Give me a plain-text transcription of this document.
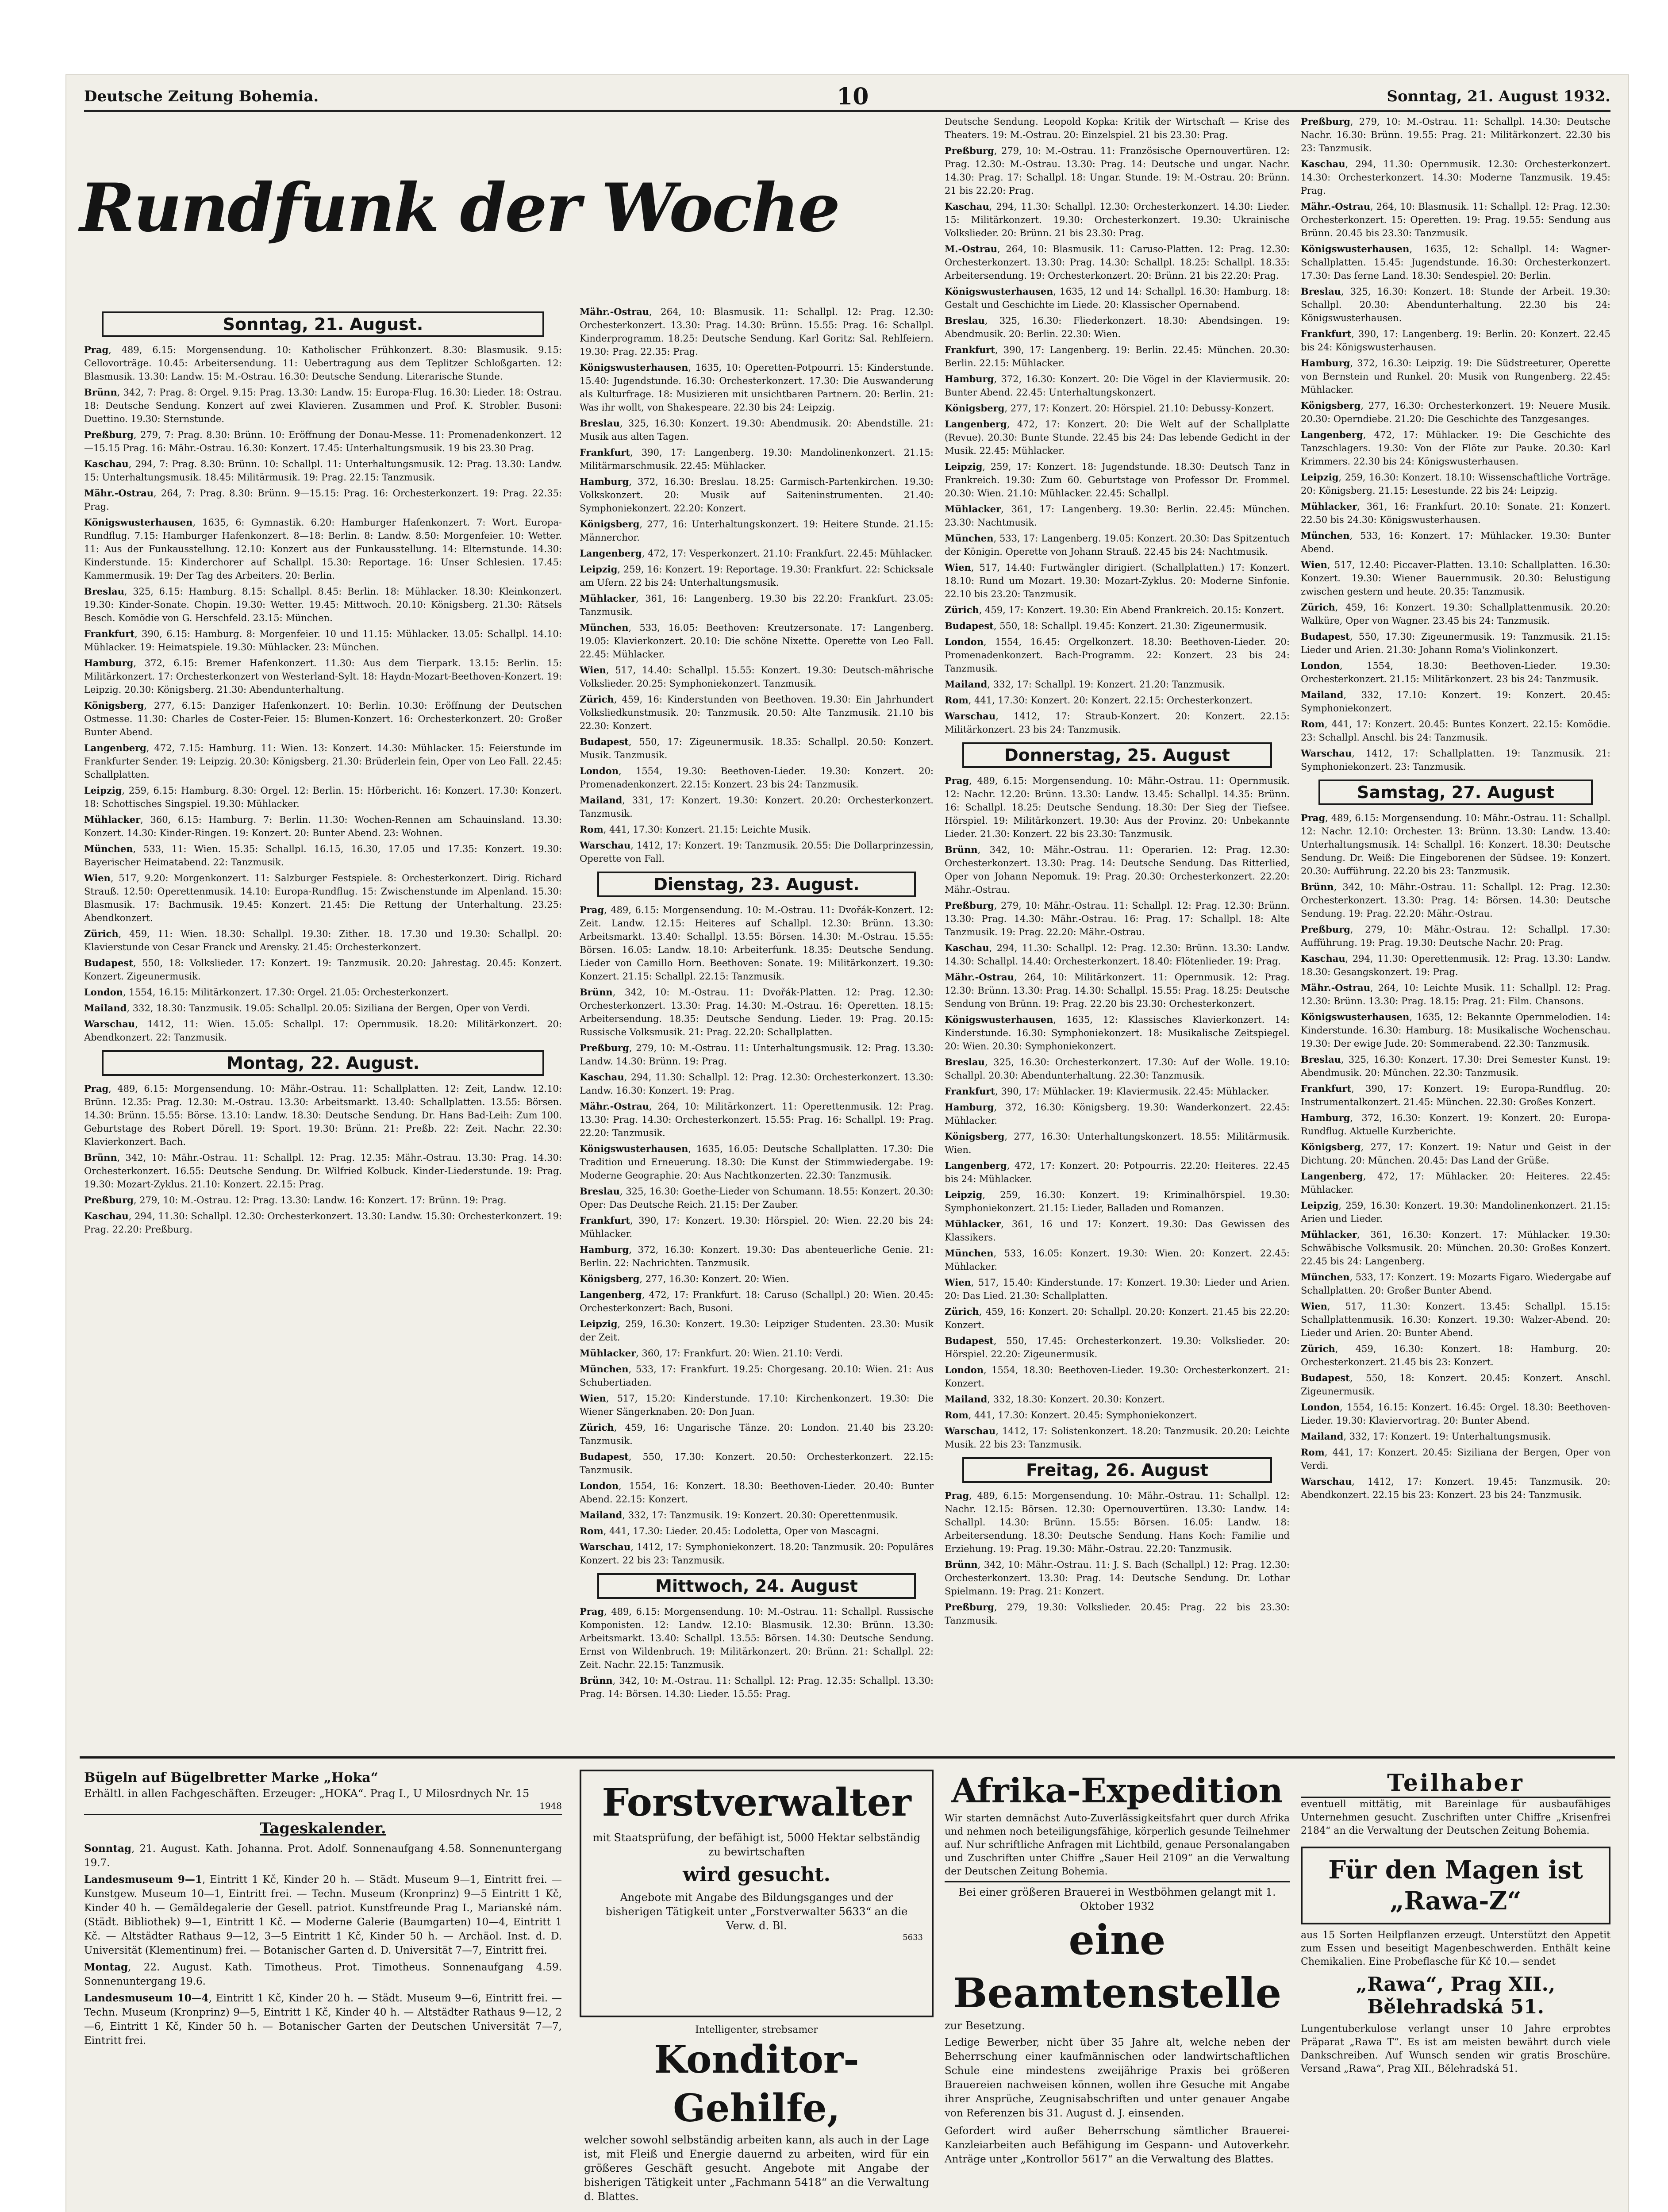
Deutsche Zeitung Bohemia.	10	Sonntag, 21. August 1932.
Rundfunk der Woche
Sonntag, 21. August.

Prag, 489, 6.15: Morgensendung. 10: Katholischer Frühkonzert. 8.30: Blasmusik. 9.15: Cellovorträge. 10.45: Arbeitersendung. 11: Uebertragung aus dem Teplitzer Schloßgarten. 12: Blasmusik. 13.30: Landw. 15: M.-Ostrau. 16.30: Deutsche Sendung. Literarische Stunde.

Brünn, 342, 7: Prag. 8: Orgel. 9.15: Prag. 13.30: Landw. 15: Europa-Flug. 16.30: Lieder. 18: Ostrau. 18: Deutsche Sendung. Konzert auf zwei Klavieren. Zusammen und Prof. K. Strobler. Busoni: Duettino. 19.30: Sternstunde.

Preßburg, 279, 7: Prag. 8.30: Brünn. 10: Eröffnung der Donau-Messe. 11: Promenadenkonzert. 12—15.15 Prag. 16: Mähr.-Ostrau. 16.30: Konzert. 17.45: Unterhaltungsmusik. 19 bis 23.30 Prag.

Kaschau, 294, 7: Prag. 8.30: Brünn. 10: Schallpl. 11: Unterhaltungsmusik. 12: Prag. 13.30: Landw. 15: Unterhaltungsmusik. 18.45: Militärmusik. 19: Prag. 22.15: Tanzmusik.

Mähr.-Ostrau, 264, 7: Prag. 8.30: Brünn. 9—15.15: Prag. 16: Orchesterkonzert. 19: Prag. 22.35: Prag.

Königswusterhausen, 1635, 6: Gymnastik. 6.20: Hamburger Hafenkonzert. 7: Wort. Europa-Rundflug. 7.15: Hamburger Hafenkonzert. 8—18: Berlin. 8: Landw. 8.50: Morgenfeier. 10: Wetter. 11: Aus der Funkausstellung. 12.10: Konzert aus der Funkausstellung. 14: Elternstunde. 14.30: Kinderstunde. 15: Kinderchorer auf Schallpl. 15.30: Reportage. 16: Unser Schlesien. 17.45: Kammermusik. 19: Der Tag des Arbeiters. 20: Berlin.

Breslau, 325, 6.15: Hamburg. 8.15: Schallpl. 8.45: Berlin. 18: Mühlacker. 18.30: Kleinkonzert. 19.30: Kinder-Sonate. Chopin. 19.30: Wetter. 19.45: Mittwoch. 20.10: Königsberg. 21.30: Rätsels Besch. Komödie von G. Herschfeld. 23.15: München.

Frankfurt, 390, 6.15: Hamburg. 8: Morgenfeier. 10 und 11.15: Mühlacker. 13.05: Schallpl. 14.10: Mühlacker. 19: Heimatspiele. 19.30: Mühlacker. 23: München.

Hamburg, 372, 6.15: Bremer Hafenkonzert. 11.30: Aus dem Tierpark. 13.15: Berlin. 15: Militärkonzert. 17: Orchesterkonzert von Westerland-Sylt. 18: Haydn-Mozart-Beethoven-Konzert. 19: Leipzig. 20.30: Königsberg. 21.30: Abendunterhaltung.

Königsberg, 277, 6.15: Danziger Hafenkonzert. 10: Berlin. 10.30: Eröffnung der Deutschen Ostmesse. 11.30: Charles de Coster-Feier. 15: Blumen-Konzert. 16: Orchesterkonzert. 20: Großer Bunter Abend.

Langenberg, 472, 7.15: Hamburg. 11: Wien. 13: Konzert. 14.30: Mühlacker. 15: Feierstunde im Frankfurter Sender. 19: Leipzig. 20.30: Königsberg. 21.30: Brüderlein fein, Oper von Leo Fall. 22.45: Schallplatten.

Leipzig, 259, 6.15: Hamburg. 8.30: Orgel. 12: Berlin. 15: Hörbericht. 16: Konzert. 17.30: Konzert. 18: Schottisches Singspiel. 19.30: Mühlacker.

Mühlacker, 360, 6.15: Hamburg. 7: Berlin. 11.30: Wochen-Rennen am Schauinsland. 13.30: Konzert. 14.30: Kinder-Ringen. 19: Konzert. 20: Bunter Abend. 23: Wohnen.

München, 533, 11: Wien. 15.35: Schallpl. 16.15, 16.30, 17.05 und 17.35: Konzert. 19.30: Bayerischer Heimatabend. 22: Tanzmusik.

Wien, 517, 9.20: Morgenkonzert. 11: Salzburger Festspiele. 8: Orchesterkonzert. Dirig. Richard Strauß. 12.50: Operettenmusik. 14.10: Europa-Rundflug. 15: Zwischenstunde im Alpenland. 15.30: Blasmusik. 17: Bachmusik. 19.45: Konzert. 21.45: Die Rettung der Unterhaltung. 23.25: Abendkonzert.

Zürich, 459, 11: Wien. 18.30: Schallpl. 19.30: Zither. 18. 17.30 und 19.30: Schallpl. 20: Klavierstunde von Cesar Franck und Arensky. 21.45: Orchesterkonzert.

Budapest, 550, 18: Volkslieder. 17: Konzert. 19: Tanzmusik. 20.20: Jahrestag. 20.45: Konzert. Konzert. Zigeunermusik.

London, 1554, 16.15: Militärkonzert. 17.30: Orgel. 21.05: Orchesterkonzert.

Mailand, 332, 18.30: Tanzmusik. 19.05: Schallpl. 20.05: Siziliana der Bergen, Oper von Verdi.

Warschau, 1412, 11: Wien. 15.05: Schallpl. 17: Opernmusik. 18.20: Militärkonzert. 20: Abendkonzert. 22: Tanzmusik.

Montag, 22. August.

Prag, 489, 6.15: Morgensendung. 10: Mähr.-Ostrau. 11: Schallplatten. 12: Zeit, Landw. 12.10: Brünn. 12.35: Prag. 12.30: M.-Ostrau. 13.30: Arbeitsmarkt. 13.40: Schallplatten. 13.55: Börsen. 14.30: Brünn. 15.55: Börse. 13.10: Landw. 18.30: Deutsche Sendung. Dr. Hans Bad-Leih: Zum 100. Geburtstage des Robert Dörell. 19: Sport. 19.30: Brünn. 21: Preßb. 22: Zeit. Nachr. 22.30: Klavierkonzert. Bach.

Brünn, 342, 10: Mähr.-Ostrau. 11: Schallpl. 12: Prag. 12.35: Mähr.-Ostrau. 13.30: Prag. 14.30: Orchesterkonzert. 16.55: Deutsche Sendung. Dr. Wilfried Kolbuck. Kinder-Liederstunde. 19: Prag. 19.30: Mozart-Zyklus. 21.10: Konzert. 22.15: Prag.

Preßburg, 279, 10: M.-Ostrau. 12: Prag. 13.30: Landw. 16: Konzert. 17: Brünn. 19: Prag.

Kaschau, 294, 11.30: Schallpl. 12.30: Orchesterkonzert. 13.30: Landw. 15.30: Orchesterkonzert. 19: Prag. 22.20: Preßburg.

Mähr.-Ostrau, 264, 10: Blasmusik. 11: Schallpl. 12: Prag. 12.30: Orchesterkonzert. 13.30: Prag. 14.30: Brünn. 15.55: Prag. 16: Schallpl. Kinderprogramm. 18.25: Deutsche Sendung. Karl Goritz: Sal. Rehlfeiern. 19.30: Prag. 22.35: Prag.

Königswusterhausen, 1635, 10: Operetten-Potpourri. 15: Kinderstunde. 15.40: Jugendstunde. 16.30: Orchesterkonzert. 17.30: Die Auswanderung als Kulturfrage. 18: Musizieren mit unsichtbaren Partnern. 20: Berlin. 21: Was ihr wollt, von Shakespeare. 22.30 bis 24: Leipzig.

Breslau, 325, 16.30: Konzert. 19.30: Abendmusik. 20: Abendstille. 21: Musik aus alten Tagen.

Frankfurt, 390, 17: Langenberg. 19.30: Mandolinenkonzert. 21.15: Militärmarschmusik. 22.45: Mühlacker.

Hamburg, 372, 16.30: Breslau. 18.25: Garmisch-Partenkirchen. 19.30: Volkskonzert. 20: Musik auf Saiteninstrumenten. 21.40: Symphoniekonzert. 22.20: Konzert.

Königsberg, 277, 16: Unterhaltungskonzert. 19: Heitere Stunde. 21.15: Männerchor.

Langenberg, 472, 17: Vesperkonzert. 21.10: Frankfurt. 22.45: Mühlacker.

Leipzig, 259, 16: Konzert. 19: Reportage. 19.30: Frankfurt. 22: Schicksale am Ufern. 22 bis 24: Unterhaltungsmusik.

Mühlacker, 361, 16: Langenberg. 19.30 bis 22.20: Frankfurt. 23.05: Tanzmusik.

München, 533, 16.05: Beethoven: Kreutzersonate. 17: Langenberg. 19.05: Klavierkonzert. 20.10: Die schöne Nixette. Operette von Leo Fall. 22.45: Mühlacker.

Wien, 517, 14.40: Schallpl. 15.55: Konzert. 19.30: Deutsch-mährische Volkslieder. 20.25: Symphoniekonzert. Tanzmusik.

Zürich, 459, 16: Kinderstunden von Beethoven. 19.30: Ein Jahrhundert Volksliedkunstmusik. 20: Tanzmusik. 20.50: Alte Tanzmusik. 21.10 bis 22.30: Konzert.

Budapest, 550, 17: Zigeunermusik. 18.35: Schallpl. 20.50: Konzert. Musik. Tanzmusik.

London, 1554, 19.30: Beethoven-Lieder. 19.30: Konzert. 20: Promenadenkonzert. 22.15: Konzert. 23 bis 24: Tanzmusik.

Mailand, 331, 17: Konzert. 19.30: Konzert. 20.20: Orchesterkonzert. Tanzmusik.

Rom, 441, 17.30: Konzert. 21.15: Leichte Musik.

Warschau, 1412, 17: Konzert. 19: Tanzmusik. 20.55: Die Dollarprinzessin, Operette von Fall.

Dienstag, 23. August.

Prag, 489, 6.15: Morgensendung. 10: M.-Ostrau. 11: Dvořák-Konzert. 12: Zeit. Landw. 12.15: Heiteres auf Schallpl. 12.30: Brünn. 13.30: Arbeitsmarkt. 13.40: Schallpl. 13.55: Börsen. 14.30: M.-Ostrau. 15.55: Börsen. 16.05: Landw. 18.10: Arbeiterfunk. 18.35: Deutsche Sendung. Lieder von Camillo Horn. Beethoven: Sonate. 19: Militärkonzert. 19.30: Konzert. 21.15: Schallpl. 22.15: Tanzmusik.

Brünn, 342, 10: M.-Ostrau. 11: Dvořák-Platten. 12: Prag. 12.30: Orchesterkonzert. 13.30: Prag. 14.30: M.-Ostrau. 16: Operetten. 18.15: Arbeitersendung. 18.35: Deutsche Sendung. Lieder. 19: Prag. 20.15: Russische Volksmusik. 21: Prag. 22.20: Schallplatten.

Preßburg, 279, 10: M.-Ostrau. 11: Unterhaltungsmusik. 12: Prag. 13.30: Landw. 14.30: Brünn. 19: Prag.

Kaschau, 294, 11.30: Schallpl. 12: Prag. 12.30: Orchesterkonzert. 13.30: Landw. 16.30: Konzert. 19: Prag.

Mähr.-Ostrau, 264, 10: Militärkonzert. 11: Operettenmusik. 12: Prag. 13.30: Prag. 14.30: Orchesterkonzert. 15.55: Prag. 16: Schallpl. 19: Prag. 22.20: Tanzmusik.

Königswusterhausen, 1635, 16.05: Deutsche Schallplatten. 17.30: Die Tradition und Erneuerung. 18.30: Die Kunst der Stimmwiedergabe. 19: Moderne Geographie. 20: Aus Nachtkonzerten. 22.30: Tanzmusik.

Breslau, 325, 16.30: Goethe-Lieder von Schumann. 18.55: Konzert. 20.30: Oper: Das Deutsche Reich. 21.15: Der Zauber.

Frankfurt, 390, 17: Konzert. 19.30: Hörspiel. 20: Wien. 22.20 bis 24: Mühlacker.

Hamburg, 372, 16.30: Konzert. 19.30: Das abenteuerliche Genie. 21: Berlin. 22: Nachrichten. Tanzmusik.

Königsberg, 277, 16.30: Konzert. 20: Wien.

Langenberg, 472, 17: Frankfurt. 18: Caruso (Schallpl.) 20: Wien. 20.45: Orchesterkonzert: Bach, Busoni.

Leipzig, 259, 16.30: Konzert. 19.30: Leipziger Studenten. 23.30: Musik der Zeit.

Mühlacker, 360, 17: Frankfurt. 20: Wien. 21.10: Verdi.

München, 533, 17: Frankfurt. 19.25: Chorgesang. 20.10: Wien. 21: Aus Schubertiaden.

Wien, 517, 15.20: Kinderstunde. 17.10: Kirchenkonzert. 19.30: Die Wiener Sängerknaben. 20: Don Juan.

Zürich, 459, 16: Ungarische Tänze. 20: London. 21.40 bis 23.20: Tanzmusik.

Budapest, 550, 17.30: Konzert. 20.50: Orchesterkonzert. 22.15: Tanzmusik.

London, 1554, 16: Konzert. 18.30: Beethoven-Lieder. 20.40: Bunter Abend. 22.15: Konzert.

Mailand, 332, 17: Tanzmusik. 19: Konzert. 20.30: Operettenmusik.

Rom, 441, 17.30: Lieder. 20.45: Lodoletta, Oper von Mascagni.

Warschau, 1412, 17: Symphoniekonzert. 18.20: Tanzmusik. 20: Populäres Konzert. 22 bis 23: Tanzmusik.

Mittwoch, 24. August

Prag, 489, 6.15: Morgensendung. 10: M.-Ostrau. 11: Schallpl. Russische Komponisten. 12: Landw. 12.10: Blasmusik. 12.30: Brünn. 13.30: Arbeitsmarkt. 13.40: Schallpl. 13.55: Börsen. 14.30: Deutsche Sendung. Ernst von Wildenbruch. 19: Militärkonzert. 20: Brünn. 21: Schallpl. 22: Zeit. Nachr. 22.15: Tanzmusik.

Brünn, 342, 10: M.-Ostrau. 11: Schallpl. 12: Prag. 12.35: Schallpl. 13.30: Prag. 14: Börsen. 14.30: Lieder. 15.55: Prag.

Deutsche Sendung. Leopold Kopka: Kritik der Wirtschaft — Krise des Theaters. 19: M.-Ostrau. 20: Einzelspiel. 21 bis 23.30: Prag.

Preßburg, 279, 10: M.-Ostrau. 11: Französische Opernouvertüren. 12: Prag. 12.30: M.-Ostrau. 13.30: Prag. 14: Deutsche und ungar. Nachr. 14.30: Prag. 17: Schallpl. 18: Ungar. Stunde. 19: M.-Ostrau. 20: Brünn. 21 bis 22.20: Prag.

Kaschau, 294, 11.30: Schallpl. 12.30: Orchesterkonzert. 14.30: Lieder. 15: Militärkonzert. 19.30: Orchesterkonzert. 19.30: Ukrainische Volkslieder. 20: Brünn. 21 bis 23.30: Prag.

M.-Ostrau, 264, 10: Blasmusik. 11: Caruso-Platten. 12: Prag. 12.30: Orchesterkonzert. 13.30: Prag. 14.30: Schallpl. 18.25: Schallpl. 18.35: Arbeitersendung. 19: Orchesterkonzert. 20: Brünn. 21 bis 22.20: Prag.

Königswusterhausen, 1635, 12 und 14: Schallpl. 16.30: Hamburg. 18: Gestalt und Geschichte im Liede. 20: Klassischer Opernabend.

Breslau, 325, 16.30: Fliederkonzert. 18.30: Abendsingen. 19: Abendmusik. 20: Berlin. 22.30: Wien.

Frankfurt, 390, 17: Langenberg. 19: Berlin. 22.45: München. 20.30: Berlin. 22.15: Mühlacker.

Hamburg, 372, 16.30: Konzert. 20: Die Vögel in der Klaviermusik. 20: Bunter Abend. 22.45: Unterhaltungskonzert.

Königsberg, 277, 17: Konzert. 20: Hörspiel. 21.10: Debussy-Konzert.

Langenberg, 472, 17: Konzert. 20: Die Welt auf der Schallplatte (Revue). 20.30: Bunte Stunde. 22.45 bis 24: Das lebende Gedicht in der Musik. 22.45: Mühlacker.

Leipzig, 259, 17: Konzert. 18: Jugendstunde. 18.30: Deutsch Tanz in Frankreich. 19.30: Zum 60. Geburtstage von Professor Dr. Frommel. 20.30: Wien. 21.10: Mühlacker. 22.45: Schallpl.

Mühlacker, 361, 17: Langenberg. 19.30: Berlin. 22.45: München. 23.30: Nachtmusik.

München, 533, 17: Langenberg. 19.05: Konzert. 20.30: Das Spitzentuch der Königin. Operette von Johann Strauß. 22.45 bis 24: Nachtmusik.

Wien, 517, 14.40: Furtwängler dirigiert. (Schallplatten.) 17: Konzert. 18.10: Rund um Mozart. 19.30: Mozart-Zyklus. 20: Moderne Sinfonie. 22.10 bis 23.20: Tanzmusik.

Zürich, 459, 17: Konzert. 19.30: Ein Abend Frankreich. 20.15: Konzert.

Budapest, 550, 18: Schallpl. 19.45: Konzert. 21.30: Zigeunermusik.

London, 1554, 16.45: Orgelkonzert. 18.30: Beethoven-Lieder. 20: Promenadenkonzert. Bach-Programm. 22: Konzert. 23 bis 24: Tanzmusik.

Mailand, 332, 17: Schallpl. 19: Konzert. 21.20: Tanzmusik.

Rom, 441, 17.30: Konzert. 20: Konzert. 22.15: Orchesterkonzert.

Warschau, 1412, 17: Straub-Konzert. 20: Konzert. 22.15: Militärkonzert. 23 bis 24: Tanzmusik.

Donnerstag, 25. August

Prag, 489, 6.15: Morgensendung. 10: Mähr.-Ostrau. 11: Opernmusik. 12: Nachr. 12.20: Brünn. 13.30: Landw. 13.45: Schallpl. 14.35: Brünn. 16: Schallpl. 18.25: Deutsche Sendung. 18.30: Der Sieg der Tiefsee. Hörspiel. 19: Militärkonzert. 19.30: Aus der Provinz. 20: Unbekannte Lieder. 21.30: Konzert. 22 bis 23.30: Tanzmusik.

Brünn, 342, 10: Mähr.-Ostrau. 11: Operarien. 12: Prag. 12.30: Orchesterkonzert. 13.30: Prag. 14: Deutsche Sendung. Das Ritterlied, Oper von Johann Nepomuk. 19: Prag. 20.30: Orchesterkonzert. 22.20: Mähr.-Ostrau.

Preßburg, 279, 10: Mähr.-Ostrau. 11: Schallpl. 12: Prag. 12.30: Brünn. 13.30: Prag. 14.30: Mähr.-Ostrau. 16: Prag. 17: Schallpl. 18: Alte Tanzmusik. 19: Prag. 22.20: Mähr.-Ostrau.

Kaschau, 294, 11.30: Schallpl. 12: Prag. 12.30: Brünn. 13.30: Landw. 14.30: Schallpl. 14.40: Orchesterkonzert. 18.40: Flötenlieder. 19: Prag.

Mähr.-Ostrau, 264, 10: Militärkonzert. 11: Opernmusik. 12: Prag. 12.30: Brünn. 13.30: Prag. 14.30: Schallpl. 15.55: Prag. 18.25: Deutsche Sendung von Brünn. 19: Prag. 22.20 bis 23.30: Orchesterkonzert.

Königswusterhausen, 1635, 12: Klassisches Klavierkonzert. 14: Kinderstunde. 16.30: Symphoniekonzert. 18: Musikalische Zeitspiegel. 20: Wien. 20.30: Symphoniekonzert.

Breslau, 325, 16.30: Orchesterkonzert. 17.30: Auf der Wolle. 19.10: Schallpl. 20.30: Abendunterhaltung. 22.30: Tanzmusik.

Frankfurt, 390, 17: Mühlacker. 19: Klaviermusik. 22.45: Mühlacker.

Hamburg, 372, 16.30: Königsberg. 19.30: Wanderkonzert. 22.45: Mühlacker.

Königsberg, 277, 16.30: Unterhaltungskonzert. 18.55: Militärmusik. Wien.

Langenberg, 472, 17: Konzert. 20: Potpourris. 22.20: Heiteres. 22.45 bis 24: Mühlacker.

Leipzig, 259, 16.30: Konzert. 19: Kriminalhörspiel. 19.30: Symphoniekonzert. 21.15: Lieder, Balladen und Romanzen.

Mühlacker, 361, 16 und 17: Konzert. 19.30: Das Gewissen des Klassikers.

München, 533, 16.05: Konzert. 19.30: Wien. 20: Konzert. 22.45: Mühlacker.

Wien, 517, 15.40: Kinderstunde. 17: Konzert. 19.30: Lieder und Arien. 20: Das Lied. 21.30: Schallplatten.

Zürich, 459, 16: Konzert. 20: Schallpl. 20.20: Konzert. 21.45 bis 22.20: Konzert.

Budapest, 550, 17.45: Orchesterkonzert. 19.30: Volkslieder. 20: Hörspiel. 22.20: Zigeunermusik.

London, 1554, 18.30: Beethoven-Lieder. 19.30: Orchesterkonzert. 21: Konzert.

Mailand, 332, 18.30: Konzert. 20.30: Konzert.

Rom, 441, 17.30: Konzert. 20.45: Symphoniekonzert.

Warschau, 1412, 17: Solistenkonzert. 18.20: Tanzmusik. 20.20: Leichte Musik. 22 bis 23: Tanzmusik.

Freitag, 26. August

Prag, 489, 6.15: Morgensendung. 10: Mähr.-Ostrau. 11: Schallpl. 12: Nachr. 12.15: Börsen. 12.30: Opernouvertüren. 13.30: Landw. 14: Schallpl. 14.30: Brünn. 15.55: Börsen. 16.05: Landw. 18: Arbeitersendung. 18.30: Deutsche Sendung. Hans Koch: Familie und Erziehung. 19: Prag. 19.30: Mähr.-Ostrau. 22.20: Tanzmusik.

Brünn, 342, 10: Mähr.-Ostrau. 11: J. S. Bach (Schallpl.) 12: Prag. 12.30: Orchesterkonzert. 13.30: Prag. 14: Deutsche Sendung. Dr. Lothar Spielmann. 19: Prag. 21: Konzert.

Preßburg, 279, 19.30: Volkslieder. 20.45: Prag. 22 bis 23.30: Tanzmusik.

Preßburg, 279, 10: M.-Ostrau. 11: Schallpl. 14.30: Deutsche Nachr. 16.30: Brünn. 19.55: Prag. 21: Militärkonzert. 22.30 bis 23: Tanzmusik.

Kaschau, 294, 11.30: Opernmusik. 12.30: Orchesterkonzert. 14.30: Orchesterkonzert. 14.30: Moderne Tanzmusik. 19.45: Prag.

Mähr.-Ostrau, 264, 10: Blasmusik. 11: Schallpl. 12: Prag. 12.30: Orchesterkonzert. 15: Operetten. 19: Prag. 19.55: Sendung aus Brünn. 20.45 bis 23.30: Tanzmusik.

Königswusterhausen, 1635, 12: Schallpl. 14: Wagner-Schallplatten. 15.45: Jugendstunde. 16.30: Orchesterkonzert. 17.30: Das ferne Land. 18.30: Sendespiel. 20: Berlin.

Breslau, 325, 16.30: Konzert. 18: Stunde der Arbeit. 19.30: Schallpl. 20.30: Abendunterhaltung. 22.30 bis 24: Königswusterhausen.

Frankfurt, 390, 17: Langenberg. 19: Berlin. 20: Konzert. 22.45 bis 24: Königswusterhausen.

Hamburg, 372, 16.30: Leipzig. 19: Die Südstreeturer, Operette von Bernstein und Runkel. 20: Musik von Rungenberg. 22.45: Mühlacker.

Königsberg, 277, 16.30: Orchesterkonzert. 19: Neuere Musik. 20.30: Operndiebe. 21.20: Die Geschichte des Tanzgesanges.

Langenberg, 472, 17: Mühlacker. 19: Die Geschichte des Tanzschlagers. 19.30: Von der Flöte zur Pauke. 20.30: Karl Krimmers. 22.30 bis 24: Königswusterhausen.

Leipzig, 259, 16.30: Konzert. 18.10: Wissenschaftliche Vorträge. 20: Königsberg. 21.15: Lesestunde. 22 bis 24: Leipzig.

Mühlacker, 361, 16: Frankfurt. 20.10: Sonate. 21: Konzert. 22.50 bis 24.30: Königswusterhausen.

München, 533, 16: Konzert. 17: Mühlacker. 19.30: Bunter Abend.

Wien, 517, 12.40: Piccaver-Platten. 13.10: Schallplatten. 16.30: Konzert. 19.30: Wiener Bauernmusik. 20.30: Belustigung zwischen gestern und heute. 20.35: Tanzmusik.

Zürich, 459, 16: Konzert. 19.30: Schallplattenmusik. 20.20: Walküre, Oper von Wagner. 23.45 bis 24: Tanzmusik.

Budapest, 550, 17.30: Zigeunermusik. 19: Tanzmusik. 21.15: Lieder und Arien. 21.30: Johann Roma's Violinkonzert.

London, 1554, 18.30: Beethoven-Lieder. 19.30: Orchesterkonzert. 21.15: Militärkonzert. 23 bis 24: Tanzmusik.

Mailand, 332, 17.10: Konzert. 19: Konzert. 20.45: Symphoniekonzert.

Rom, 441, 17: Konzert. 20.45: Buntes Konzert. 22.15: Komödie. 23: Schallpl. Anschl. bis 24: Tanzmusik.

Warschau, 1412, 17: Schallplatten. 19: Tanzmusik. 21: Symphoniekonzert. 23: Tanzmusik.

Samstag, 27. August

Prag, 489, 6.15: Morgensendung. 10: Mähr.-Ostrau. 11: Schallpl. 12: Nachr. 12.10: Orchester. 13: Brünn. 13.30: Landw. 13.40: Unterhaltungsmusik. 14: Schallpl. 16: Konzert. 18.30: Deutsche Sendung. Dr. Weiß: Die Eingeborenen der Südsee. 19: Konzert. 20.30: Aufführung. 22.20 bis 23: Tanzmusik.

Brünn, 342, 10: Mähr.-Ostrau. 11: Schallpl. 12: Prag. 12.30: Orchesterkonzert. 13.30: Prag. 14: Börsen. 14.30: Deutsche Sendung. 19: Prag. 22.20: Mähr.-Ostrau.

Preßburg, 279, 10: Mähr.-Ostrau. 12: Schallpl. 17.30: Aufführung. 19: Prag. 19.30: Deutsche Nachr. 20: Prag.

Kaschau, 294, 11.30: Operettenmusik. 12: Prag. 13.30: Landw. 18.30: Gesangskonzert. 19: Prag.

Mähr.-Ostrau, 264, 10: Leichte Musik. 11: Schallpl. 12: Prag. 12.30: Brünn. 13.30: Prag. 18.15: Prag. 21: Film. Chansons.

Königswusterhausen, 1635, 12: Bekannte Opernmelodien. 14: Kinderstunde. 16.30: Hamburg. 18: Musikalische Wochenschau. 19.30: Der ewige Jude. 20: Sommerabend. 22.30: Tanzmusik.

Breslau, 325, 16.30: Konzert. 17.30: Drei Semester Kunst. 19: Abendmusik. 20: München. 22.30: Tanzmusik.

Frankfurt, 390, 17: Konzert. 19: Europa-Rundflug. 20: Instrumentalkonzert. 21.45: München. 22.30: Großes Konzert.

Hamburg, 372, 16.30: Konzert. 19: Konzert. 20: Europa-Rundflug. Aktuelle Kurzberichte.

Königsberg, 277, 17: Konzert. 19: Natur und Geist in der Dichtung. 20: München. 20.45: Das Land der Grüße.

Langenberg, 472, 17: Mühlacker. 20: Heiteres. 22.45: Mühlacker.

Leipzig, 259, 16.30: Konzert. 19.30: Mandolinenkonzert. 21.15: Arien und Lieder.

Mühlacker, 361, 16.30: Konzert. 17: Mühlacker. 19.30: Schwäbische Volksmusik. 20: München. 20.30: Großes Konzert. 22.45 bis 24: Langenberg.

München, 533, 17: Konzert. 19: Mozarts Figaro. Wiedergabe auf Schallplatten. 20: Großer Bunter Abend.

Wien, 517, 11.30: Konzert. 13.45: Schallpl. 15.15: Schallplattenmusik. 16.30: Konzert. 19.30: Walzer-Abend. 20: Lieder und Arien. 20: Bunter Abend.

Zürich, 459, 16.30: Konzert. 18: Hamburg. 20: Orchesterkonzert. 21.45 bis 23: Konzert.

Budapest, 550, 18: Konzert. 20.45: Konzert. Anschl. Zigeunermusik.

London, 1554, 16.15: Konzert. 16.45: Orgel. 18.30: Beethoven-Lieder. 19.30: Klaviervortrag. 20: Bunter Abend.

Mailand, 332, 17: Konzert. 19: Unterhaltungsmusik.

Rom, 441, 17: Konzert. 20.45: Siziliana der Bergen, Oper von Verdi.

Warschau, 1412, 17: Konzert. 19.45: Tanzmusik. 20: Abendkonzert. 22.15 bis 23: Konzert. 23 bis 24: Tanzmusik.

Bügeln auf Bügelbretter Marke „Hoka“
Erhältl. in allen Fachgeschäften. Erzeuger: „HOKA“. Prag I., U Milosrdnych Nr. 15
1948
Tageskalender.

Sonntag, 21. August. Kath. Johanna. Prot. Adolf. Sonnenaufgang 4.58. Sonnenuntergang 19.7.

Landesmuseum 9—1, Eintritt 1 Kč, Kinder 20 h. — Städt. Museum 9—1, Eintritt frei. — Kunstgew. Museum 10—1, Eintritt frei. — Techn. Museum (Kronprinz) 9—5 Eintritt 1 Kč, Kinder 40 h. — Gemäldegalerie der Gesell. patriot. Kunstfreunde Prag I., Marianské nám. (Städt. Bibliothek) 9—1, Eintritt 1 Kč. — Moderne Galerie (Baumgarten) 10—4, Eintritt 1 Kč. — Altstädter Rathaus 9—12, 3—5 Eintritt 1 Kč, Kinder 50 h. — Archäol. Inst. d. D. Universität (Klementinum) frei. — Botanischer Garten d. D. Universität 7—7, Eintritt frei.

Montag, 22. August. Kath. Timotheus. Prot. Timotheus. Sonnenaufgang 4.59. Sonnenuntergang 19.6.

Landesmuseum 10—4, Eintritt 1 Kč, Kinder 20 h. — Städt. Museum 9—6, Eintritt frei. — Techn. Museum (Kronprinz) 9—5, Eintritt 1 Kč, Kinder 40 h. — Altstädter Rathaus 9—12, 2—6, Eintritt 1 Kč, Kinder 50 h. — Botanischer Garten der Deutschen Universität 7—7, Eintritt frei.

Forstverwalter
mit Staatsprüfung, der befähigt ist, 5000 Hektar selbständig zu bewirtschaften
wird gesucht.
Angebote mit Angabe des Bildungsganges und der bisherigen Tätigkeit unter „Forstverwalter 5633“ an die Verw. d. Bl.
5633
Intelligenter, strebsamer
Konditor-Gehilfe,
welcher sowohl selbständig arbeiten kann, als auch in der Lage ist, mit Fleiß und Energie dauernd zu arbeiten, wird für ein größeres Geschäft gesucht. Angebote mit Angabe der bisherigen Tätigkeit unter „Fachmann 5418“ an die Verwaltung d. Blattes.
Afrika-Expedition
Wir starten demnächst Auto-Zuverlässigkeitsfahrt quer durch Afrika und nehmen noch beteiligungsfähige, körperlich gesunde Teilnehmer auf. Nur schriftliche Anfragen mit Lichtbild, genaue Personalangaben und Zuschriften unter Chiffre „Sauer Heil 2109“ an die Verwaltung der Deutschen Zeitung Bohemia.
Bei einer größeren Brauerei in Westböhmen gelangt mit 1. Oktober 1932
eine Beamtenstelle
zur Besetzung.
Ledige Bewerber, nicht über 35 Jahre alt, welche neben der Beherrschung einer kaufmännischen oder landwirtschaftlichen Schule eine mindestens zweijährige Praxis bei größeren Brauereien nachweisen können, wollen ihre Gesuche mit Angabe ihrer Ansprüche, Zeugnisabschriften und unter genauer Angabe von Referenzen bis 31. August d. J. einsenden.
Gefordert wird außer Beherrschung sämtlicher Brauerei-Kanzleiarbeiten auch Befähigung im Gespann- und Autoverkehr. Anträge unter „Kontrollor 5617“ an die Verwaltung des Blattes.
Teilhaber
eventuell mittätig, mit Bareinlage für ausbaufähiges Unternehmen gesucht. Zuschriften unter Chiffre „Krisenfrei 2184“ an die Verwaltung der Deutschen Zeitung Bohemia.
Für den Magen ist „Rawa-Z“
aus 15 Sorten Heilpflanzen erzeugt. Unterstützt den Appetit zum Essen und beseitigt Magenbeschwerden. Enthält keine Chemikalien. Eine Probeflasche für Kč 10.— sendet
„Rawa“, Prag XII., Bělehradská 51.
Lungentuberkulose verlangt unser 10 Jahre erprobtes Präparat „Rawa T“. Es ist am meisten bewährt durch viele Dankschreiben. Auf Wunsch senden wir gratis Broschüre. Versand „Rawa“, Prag XII., Bělehradská 51.
